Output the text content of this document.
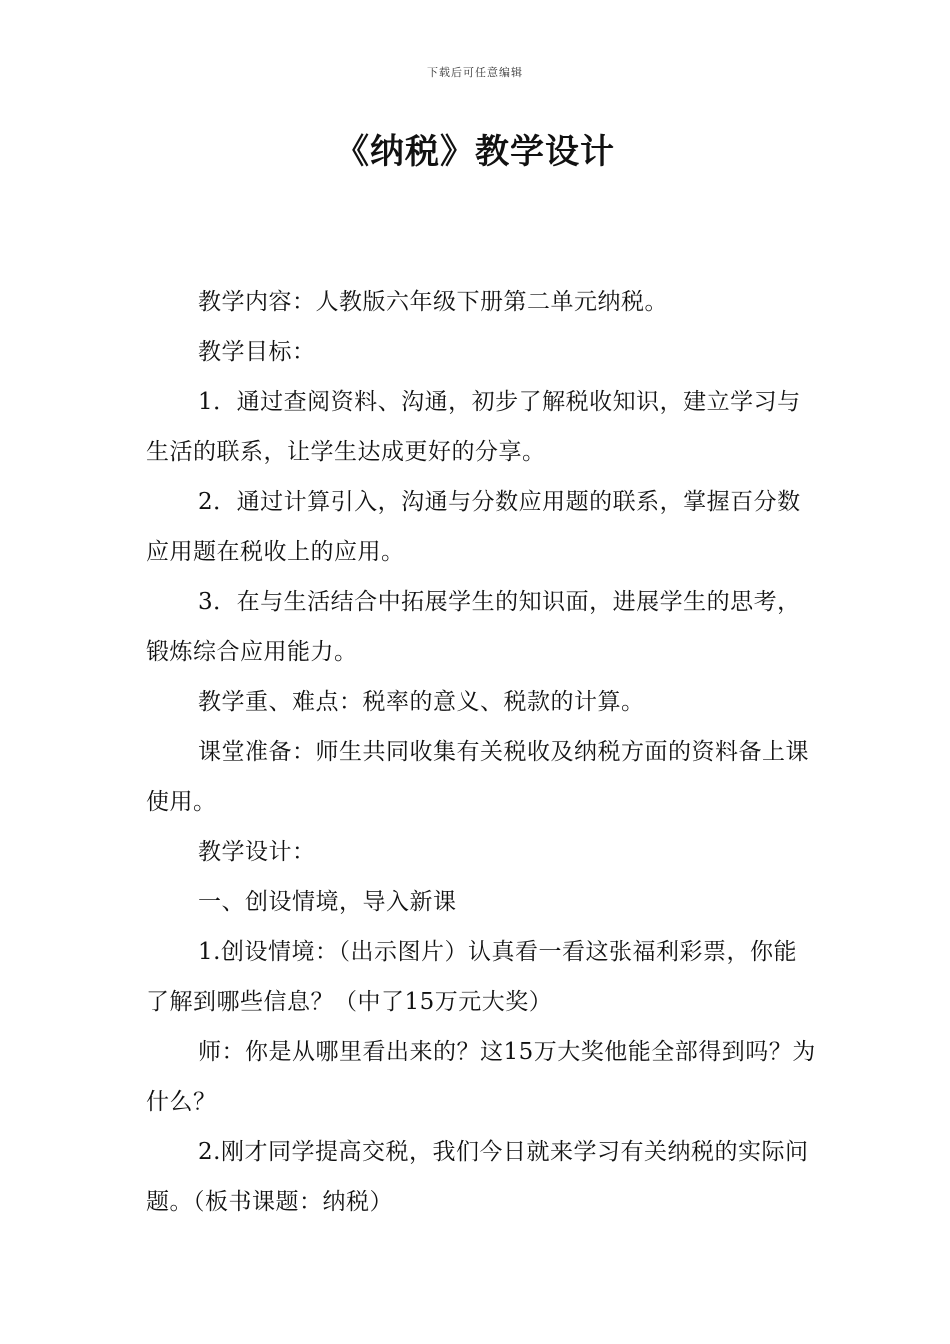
下载后可任意编辑
《纳税》教学设计

教学内容：人教版六年级下册第二单元纳税。

教学目标：

1．通过查阅资料、沟通，初步了解税收知识，建立学习与生活的联系，让学生达成更好的分享。

2．通过计算引入，沟通与分数应用题的联系，掌握百分数应用题在税收上的应用。

3．在与生活结合中拓展学生的知识面，进展学生的思考，锻炼综合应用能力。

教学重、难点：税率的意义、税款的计算。

课堂准备：师生共同收集有关税收及纳税方面的资料备上课使用。

教学设计：

一、创设情境，导入新课

1.创设情境：（出示图片）认真看一看这张福利彩票，你能了解到哪些信息？（中了15万元大奖）

师：你是从哪里看出来的？这15万大奖他能全部得到吗？为什么？

2.刚才同学提高交税，我们今日就来学习有关纳税的实际问题。（板书课题：纳税）
